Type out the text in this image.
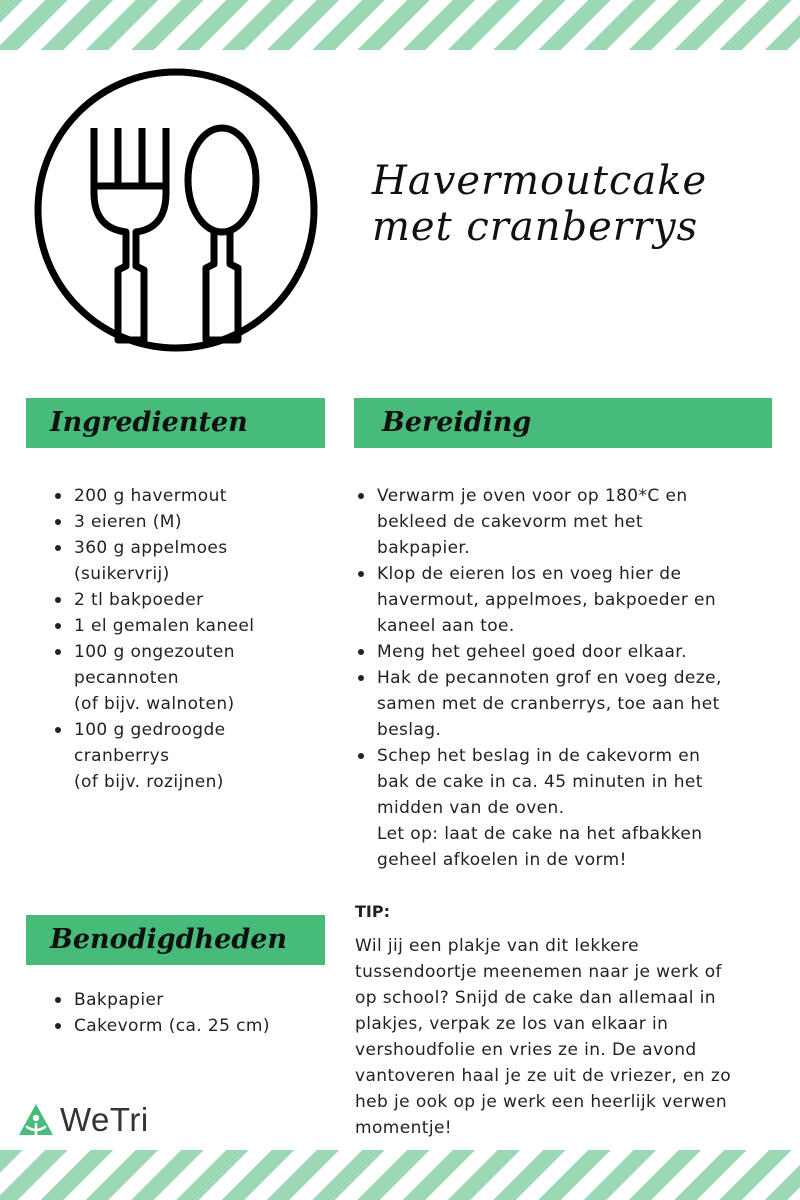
Havermoutcake
met cranberrys
Ingredienten	Bereiding
200 g havermout
3 eieren (M)
360 g appelmoes
(suikervrij)
2 tl bakpoeder
1 el gemalen kaneel
100 g ongezouten
pecannoten
(of bijv. walnoten)
100 g gedroogde
cranberrys
(of bijv. rozijnen)
Verwarm je oven voor op 180*C en
bekleed de cakevorm met het
bakpapier.
Klop de eieren los en voeg hier de
havermout, appelmoes, bakpoeder en
kaneel aan toe.
Meng het geheel goed door elkaar.
Hak de pecannoten grof en voeg deze,
samen met de cranberrys, toe aan het
beslag.
Schep het beslag in de cakevorm en
bak de cake in ca. 45 minuten in het
midden van de oven.
Let op: laat de cake na het afbakken
geheel afkoelen in de vorm!
TIP:
Wil jij een plakje van dit lekkere
tussendoortje meenemen naar je werk of
op school? Snijd de cake dan allemaal in
plakjes, verpak ze los van elkaar in
vershoudfolie en vries ze in. De avond
vantoveren haal je ze uit de vriezer, en zo
heb je ook op je werk een heerlijk verwen
momentje!
Benodigdheden
Bakpapier
Cakevorm (ca. 25 cm)
WeTri
